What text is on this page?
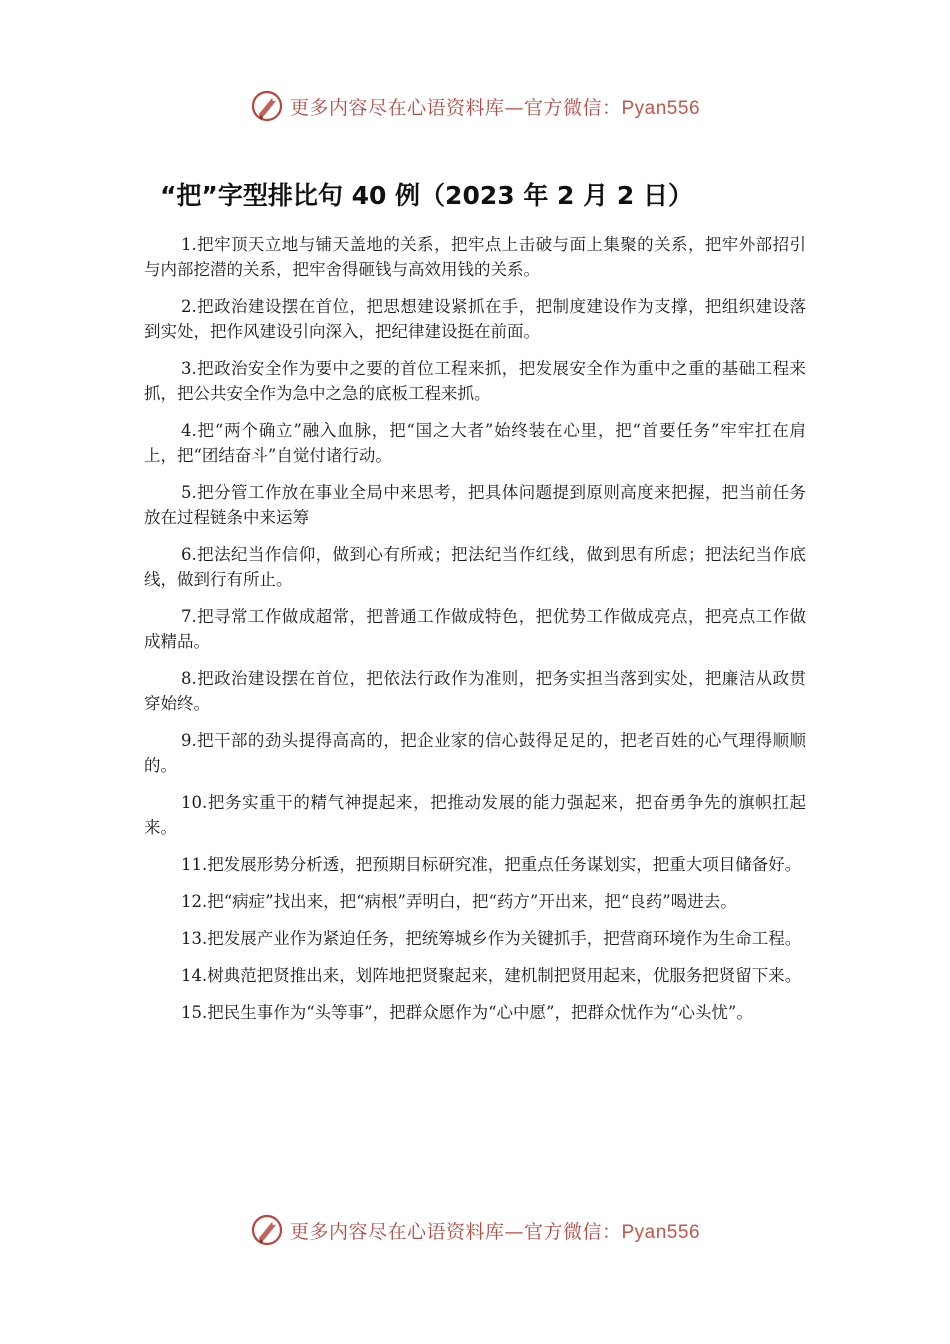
更多内容尽在心语资料库—官方微信：Pyan556
“把”字型排比句 40 例（2023 年 2 月 2 日）

1.把牢顶天立地与铺天盖地的关系，把牢点上击破与面上集聚的关系，把牢外部招引与内部挖潜的关系，把牢舍得砸钱与高效用钱的关系。

2.把政治建设摆在首位，把思想建设紧抓在手，把制度建设作为支撑，把组织建设落到实处，把作风建设引向深入，把纪律建设挺在前面。

3.把政治安全作为要中之要的首位工程来抓，把发展安全作为重中之重的基础工程来抓，把公共安全作为急中之急的底板工程来抓。

4.把“两个确立”融入血脉，把“国之大者”始终装在心里，把“首要任务”牢牢扛在肩上，把“团结奋斗”自觉付诸行动。

5.把分管工作放在事业全局中来思考，把具体问题提到原则高度来把握，把当前任务放在过程链条中来运筹

6.把法纪当作信仰，做到心有所戒；把法纪当作红线，做到思有所虑；把法纪当作底线，做到行有所止。

7.把寻常工作做成超常，把普通工作做成特色，把优势工作做成亮点，把亮点工作做成精品。

8.把政治建设摆在首位，把依法行政作为准则，把务实担当落到实处，把廉洁从政贯穿始终。

9.把干部的劲头提得高高的，把企业家的信心鼓得足足的，把老百姓的心气理得顺顺的。

10.把务实重干的精气神提起来，把推动发展的能力强起来，把奋勇争先的旗帜扛起来。

11.把发展形势分析透，把预期目标研究准，把重点任务谋划实，把重大项目储备好。

12.把“病症”找出来，把“病根”弄明白，把“药方”开出来，把“良药”喝进去。

13.把发展产业作为紧迫任务，把统筹城乡作为关键抓手，把营商环境作为生命工程。

14.树典范把贤推出来，划阵地把贤聚起来，建机制把贤用起来，优服务把贤留下来。

15.把民生事作为“头等事”，把群众愿作为“心中愿”，把群众忧作为“心头忧”。

更多内容尽在心语资料库—官方微信：Pyan556
